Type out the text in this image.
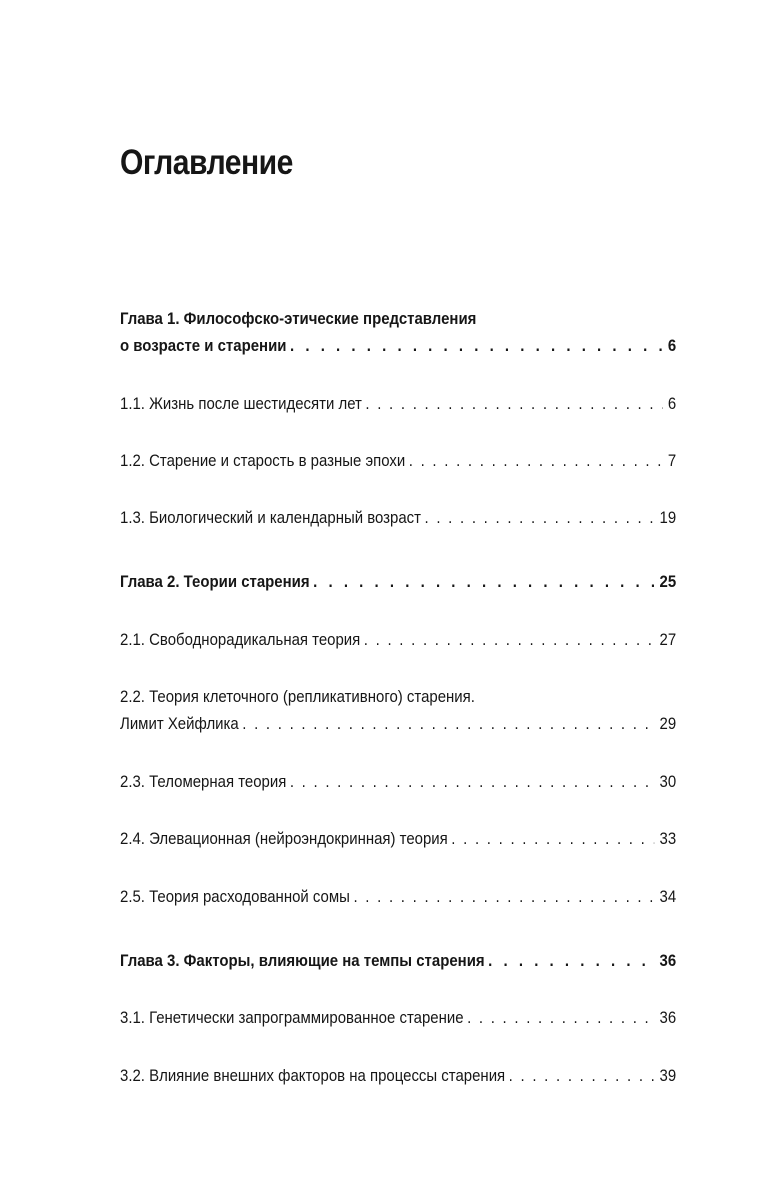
Оглавление
Глава 1. Философско-этические представления
о возрасте и старении . . .	6
1.1. Жизнь после шестидесяти лет . . .	6
1.2. Старение и старость в разные эпохи . . .	7
1.3. Биологический и календарный возраст . . .	19
Глава 2. Теории старения . . .	25
2.1. Свободнорадикальная теория . . .	27
2.2. Теория клеточного (репликативного) старения.
Лимит Хейфлика . . .	29
2.3. Теломерная теория . . .	30
2.4. Элевационная (нейроэндокринная) теория . . .	33
2.5. Теория расходованной сомы . . .	34
Глава 3. Факторы, влияющие на темпы старения . . .	36
3.1. Генетически запрограммированное старение . . .	36
3.2. Влияние внешних факторов на процессы старения . . .	39
